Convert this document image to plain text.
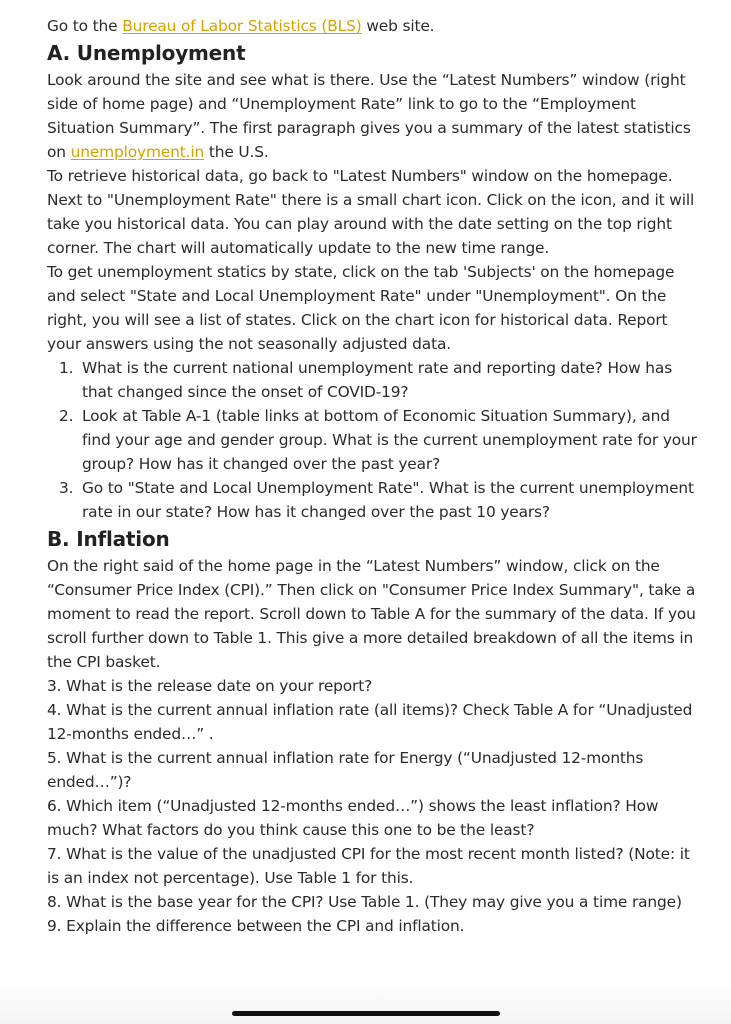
Go to the Bureau of Labor Statistics (BLS) web site.

A. Unemployment

Look around the site and see what is there. Use the “Latest Numbers” window (right side of home page) and “Unemployment Rate” link to go to the “Employment Situation Summary”. The first paragraph gives you a summary of the latest statistics on unemployment.in the U.S.

To retrieve historical data, go back to "Latest Numbers" window on the homepage. Next to "Unemployment Rate" there is a small chart icon. Click on the icon, and it will take you historical data. You can play around with the date setting on the top right corner. The chart will automatically update to the new time range.

To get unemployment statics by state, click on the tab 'Subjects' on the homepage and select "State and Local Unemployment Rate" under "Unemployment". On the right, you will see a list of states. Click on the chart icon for historical data. Report your answers using the not seasonally adjusted data.

1. What is the current national unemployment rate and reporting date? How has that changed since the onset of COVID-19?
2. Look at Table A-1 (table links at bottom of Economic Situation Summary), and find your age and gender group. What is the current unemployment rate for your group? How has it changed over the past year?
3. Go to "State and Local Unemployment Rate". What is the current unemployment rate in our state? How has it changed over the past 10 years?
B. Inflation

On the right said of the home page in the “Latest Numbers” window, click on the “Consumer Price Index (CPI).” Then click on "Consumer Price Index Summary", take a moment to read the report. Scroll down to Table A for the summary of the data. If you scroll further down to Table 1. This give a more detailed breakdown of all the items in the CPI basket.

3. What is the release date on your report?

4. What is the current annual inflation rate (all items)? Check Table A for “Unadjusted 12-months ended…” .

5. What is the current annual inflation rate for Energy (“Unadjusted 12-months ended…”)?

6. Which item (“Unadjusted 12-months ended…”) shows the least inflation? How much? What factors do you think cause this one to be the least?

7. What is the value of the unadjusted CPI for the most recent month listed? (Note: it is an index not percentage). Use Table 1 for this.

8. What is the base year for the CPI? Use Table 1. (They may give you a time range)

9. Explain the difference between the CPI and inflation.
